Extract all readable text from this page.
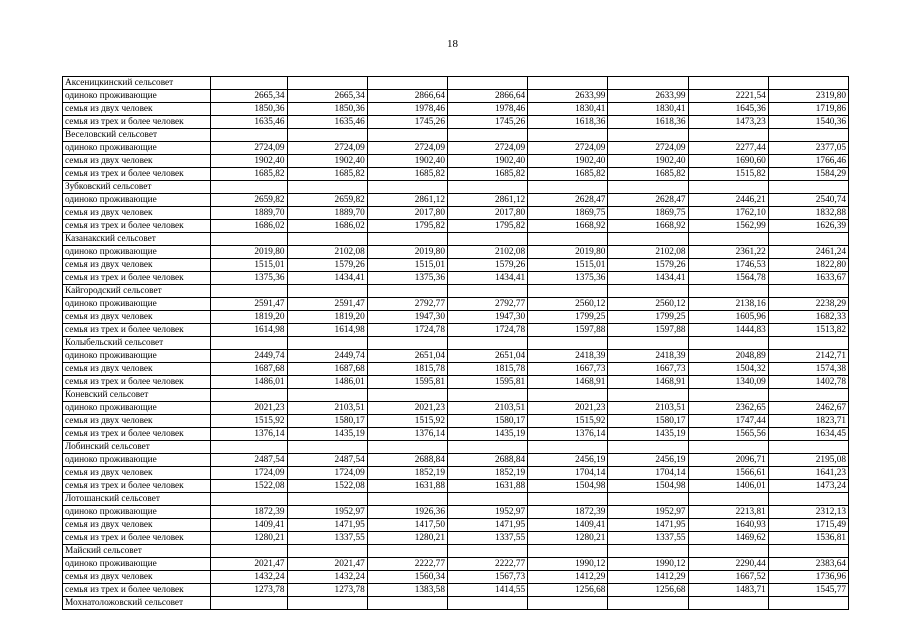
18
Аксеницкинский сельсовет								
одиноко проживающие	2665,34	2665,34	2866,64	2866,64	2633,99	2633,99	2221,54	2319,80
семья из двух человек	1850,36	1850,36	1978,46	1978,46	1830,41	1830,41	1645,36	1719,86
семья из трех и более человек	1635,46	1635,46	1745,26	1745,26	1618,36	1618,36	1473,23	1540,36
Веселовский сельсовет								
одиноко проживающие	2724,09	2724,09	2724,09	2724,09	2724,09	2724,09	2277,44	2377,05
семья из двух человек	1902,40	1902,40	1902,40	1902,40	1902,40	1902,40	1690,60	1766,46
семья из трех и более человек	1685,82	1685,82	1685,82	1685,82	1685,82	1685,82	1515,82	1584,29
Зубковский сельсовет								
одиноко проживающие	2659,82	2659,82	2861,12	2861,12	2628,47	2628,47	2446,21	2540,74
семья из двух человек	1889,70	1889,70	2017,80	2017,80	1869,75	1869,75	1762,10	1832,88
семья из трех и более человек	1686,02	1686,02	1795,82	1795,82	1668,92	1668,92	1562,99	1626,39
Казанакский сельсовет								
одиноко проживающие	2019,80	2102,08	2019,80	2102,08	2019,80	2102,08	2361,22	2461,24
семья из двух человек	1515,01	1579,26	1515,01	1579,26	1515,01	1579,26	1746,53	1822,80
семья из трех и более человек	1375,36	1434,41	1375,36	1434,41	1375,36	1434,41	1564,78	1633,67
Кайгородский сельсовет								
одиноко проживающие	2591,47	2591,47	2792,77	2792,77	2560,12	2560,12	2138,16	2238,29
семья из двух человек	1819,20	1819,20	1947,30	1947,30	1799,25	1799,25	1605,96	1682,33
семья из трех и более человек	1614,98	1614,98	1724,78	1724,78	1597,88	1597,88	1444,83	1513,82
Колыбельский сельсовет								
одиноко проживающие	2449,74	2449,74	2651,04	2651,04	2418,39	2418,39	2048,89	2142,71
семья из двух человек	1687,68	1687,68	1815,78	1815,78	1667,73	1667,73	1504,32	1574,38
семья из трех и более человек	1486,01	1486,01	1595,81	1595,81	1468,91	1468,91	1340,09	1402,78
Коневский сельсовет								
одиноко проживающие	2021,23	2103,51	2021,23	2103,51	2021,23	2103,51	2362,65	2462,67
семья из двух человек	1515,92	1580,17	1515,92	1580,17	1515,92	1580,17	1747,44	1823,71
семья из трех и более человек	1376,14	1435,19	1376,14	1435,19	1376,14	1435,19	1565,56	1634,45
Лобинский сельсовет								
одиноко проживающие	2487,54	2487,54	2688,84	2688,84	2456,19	2456,19	2096,71	2195,08
семья из двух человек	1724,09	1724,09	1852,19	1852,19	1704,14	1704,14	1566,61	1641,23
семья из трех и более человек	1522,08	1522,08	1631,88	1631,88	1504,98	1504,98	1406,01	1473,24
Лотошанский сельсовет								
одиноко проживающие	1872,39	1952,97	1926,36	1952,97	1872,39	1952,97	2213,81	2312,13
семья из двух человек	1409,41	1471,95	1417,50	1471,95	1409,41	1471,95	1640,93	1715,49
семья из трех и более человек	1280,21	1337,55	1280,21	1337,55	1280,21	1337,55	1469,62	1536,81
Майский сельсовет								
одиноко проживающие	2021,47	2021,47	2222,77	2222,77	1990,12	1990,12	2290,44	2383,64
семья из двух человек	1432,24	1432,24	1560,34	1567,73	1412,29	1412,29	1667,52	1736,96
семья из трех и более человек	1273,78	1273,78	1383,58	1414,55	1256,68	1256,68	1483,71	1545,77
Мохнатоложовский сельсовет								
